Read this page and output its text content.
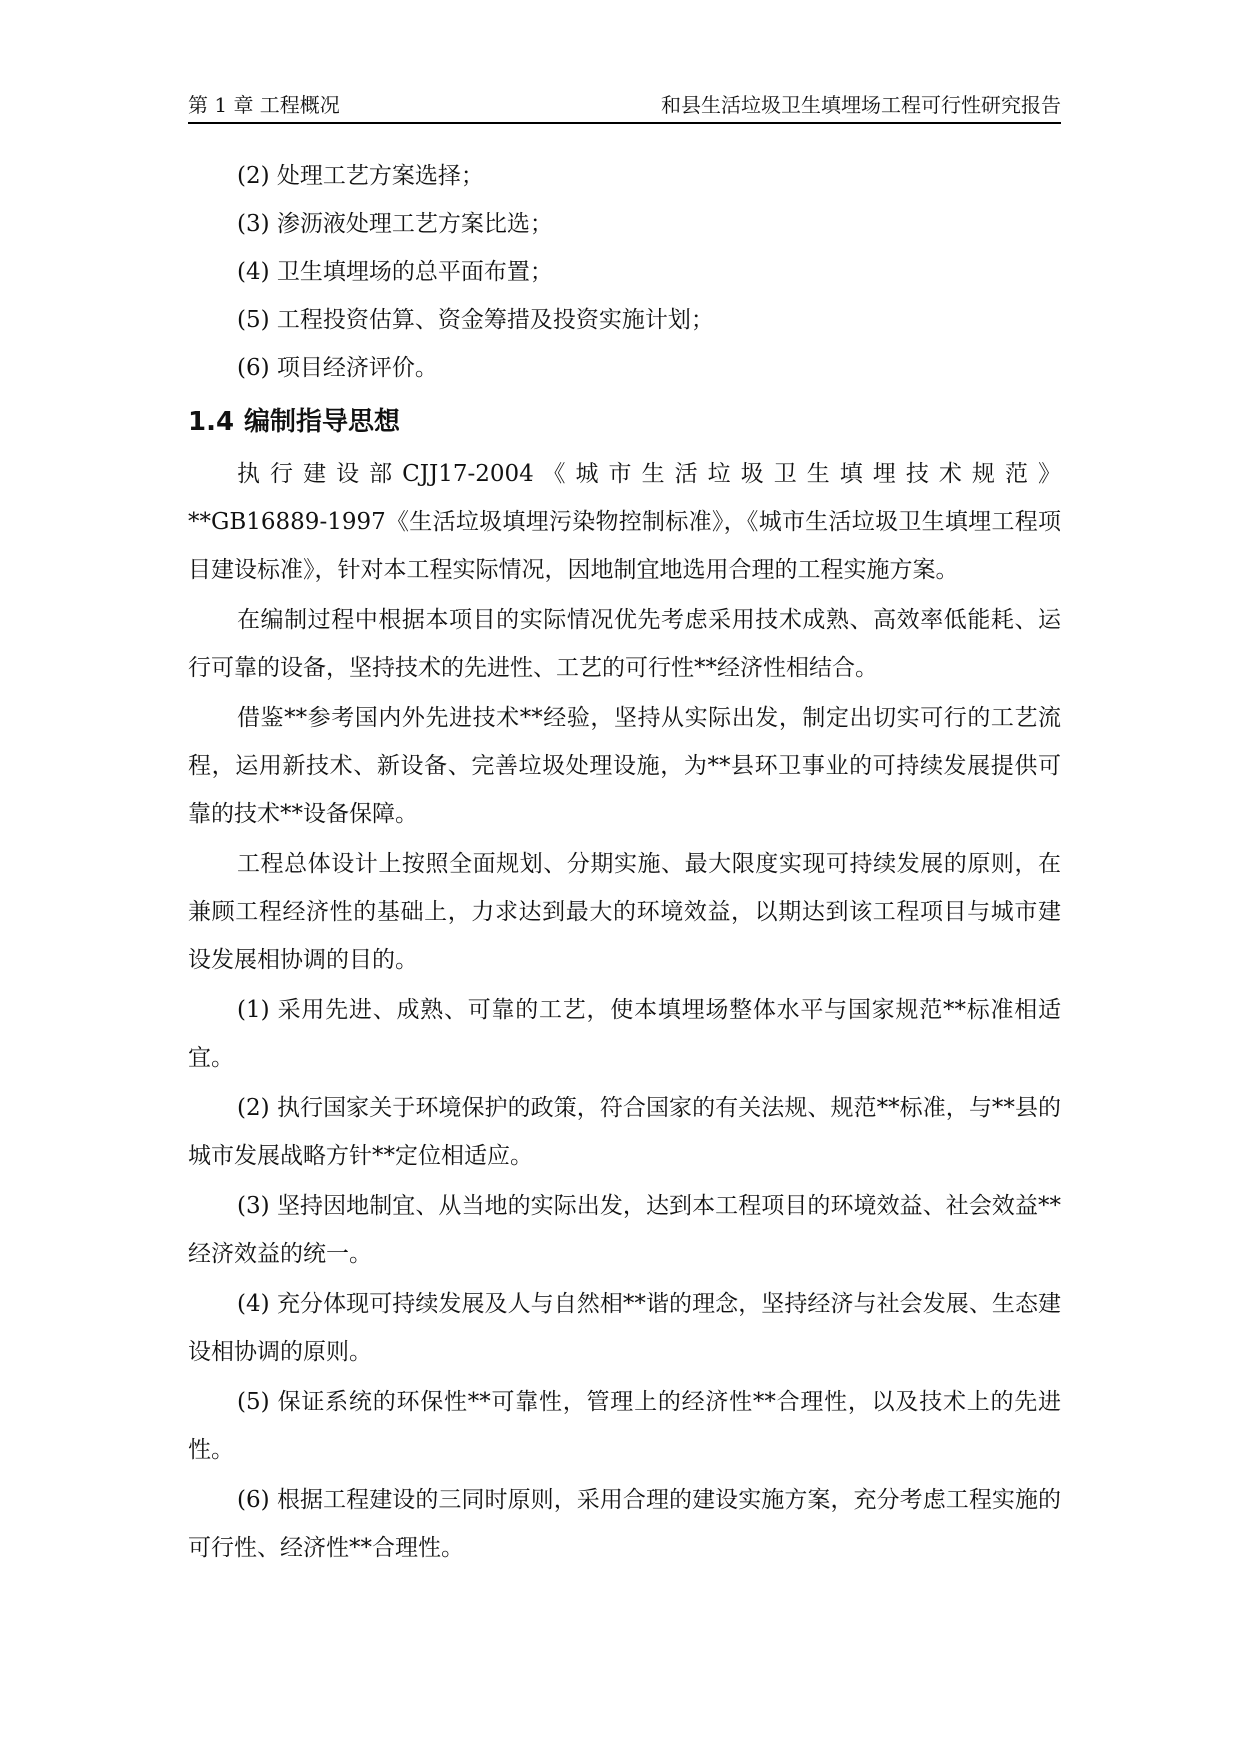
第 1 章 工程概况	和县生活垃圾卫生填埋场工程可行性研究报告

(2) 处理工艺方案选择；

(3) 渗沥液处理工艺方案比选；

(4) 卫生填埋场的总平面布置；

(5) 工程投资估算、资金筹措及投资实施计划；

(6) 项目经济评价。

1.4 编制指导思想

执 行 建 设 部 CJJ17-2004 《 城 市 生 活 垃 圾 卫 生 填 埋 技 术 规 范 》 **GB16889-1997《生活垃圾填埋污染物控制标准》，《城市生活垃圾卫生填埋工程项目建设标准》，针对本工程实际情况，因地制宜地选用合理的工程实施方案。

在编制过程中根据本项目的实际情况优先考虑采用技术成熟、高效率低能耗、运行可靠的设备，坚持技术的先进性、工艺的可行性**经济性相结合。

借鉴**参考国内外先进技术**经验，坚持从实际出发，制定出切实可行的工艺流程，运用新技术、新设备、完善垃圾处理设施，为**县环卫事业的可持续发展提供可靠的技术**设备保障。

工程总体设计上按照全面规划、分期实施、最大限度实现可持续发展的原则，在兼顾工程经济性的基础上，力求达到最大的环境效益，以期达到该工程项目与城市建设发展相协调的目的。

(1) 采用先进、成熟、可靠的工艺，使本填埋场整体水平与国家规范**标准相适宜。

(2) 执行国家关于环境保护的政策，符合国家的有关法规、规范**标准，与**县的城市发展战略方针**定位相适应。

(3) 坚持因地制宜、从当地的实际出发，达到本工程项目的环境效益、社会效益**经济效益的统一。

(4) 充分体现可持续发展及人与自然相**谐的理念，坚持经济与社会发展、生态建设相协调的原则。

(5) 保证系统的环保性**可靠性，管理上的经济性**合理性，以及技术上的先进性。

(6) 根据工程建设的三同时原则，采用合理的建设实施方案，充分考虑工程实施的可行性、经济性**合理性。
